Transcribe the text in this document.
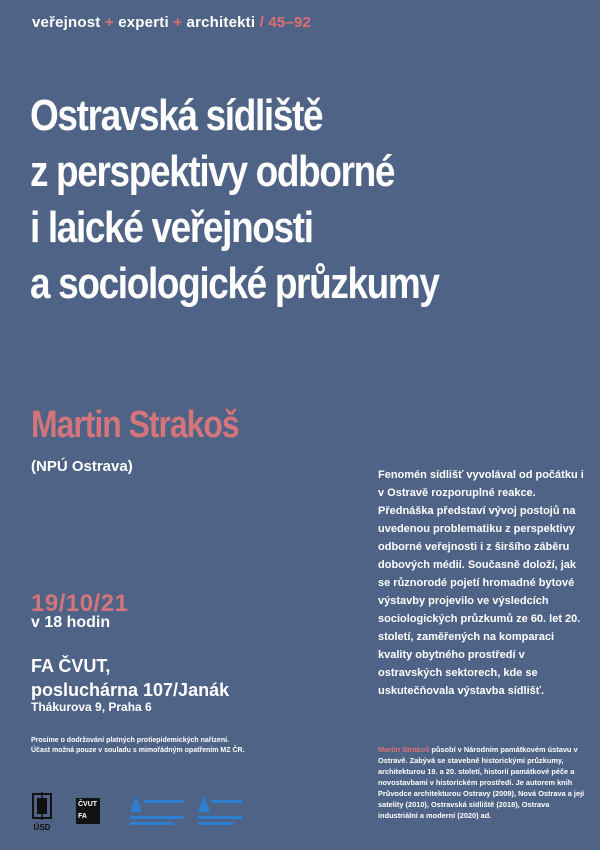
veřejnost + experti + architekti / 45–92
Ostravská sídliště
z perspektivy odborné
i laické veřejnosti
a sociologické průzkumy
Martin Strakoš
(NPÚ Ostrava)
19/10/21
v 18 hodin
FA ČVUT,
posluchárna 107/Janák
Thákurova 9, Praha 6
Prosíme o dodržování platných protiepidemických nařízení.
Účast možná pouze v souladu s mimořádným opatřením MZ ČR.
Fenomén sídlišť vyvolával od počátku i v Ostravě rozporuplné reakce. Přednáška představí vývoj postojů na uvedenou problematiku z perspektivy odborné veřejnosti i z širšího záběru dobových médií. Současně doloží, jak se různorodé pojetí hromadné bytové výstavby projevilo ve výsledcích sociologických průzkumů ze 60. let 20. století, zaměřených na komparaci kvality obytného prostředí v ostravských sektorech, kde se uskutečňovala výstavba sídlišť.
Martin Strakoš působí v Národním památkovém ústavu v Ostravě. Zabývá se stavebně historickými průzkumy, architekturou 19. a 20. století, historií památkové péče a novostavbami v historickém prostředí. Je autorem knih Průvodce architekturou Ostravy (2009), Nová Ostrava a její satelity (2010), Ostravská sídliště (2018), Ostrava industriální a moderní (2020) ad.
ÚSD
ČVUT
FA
